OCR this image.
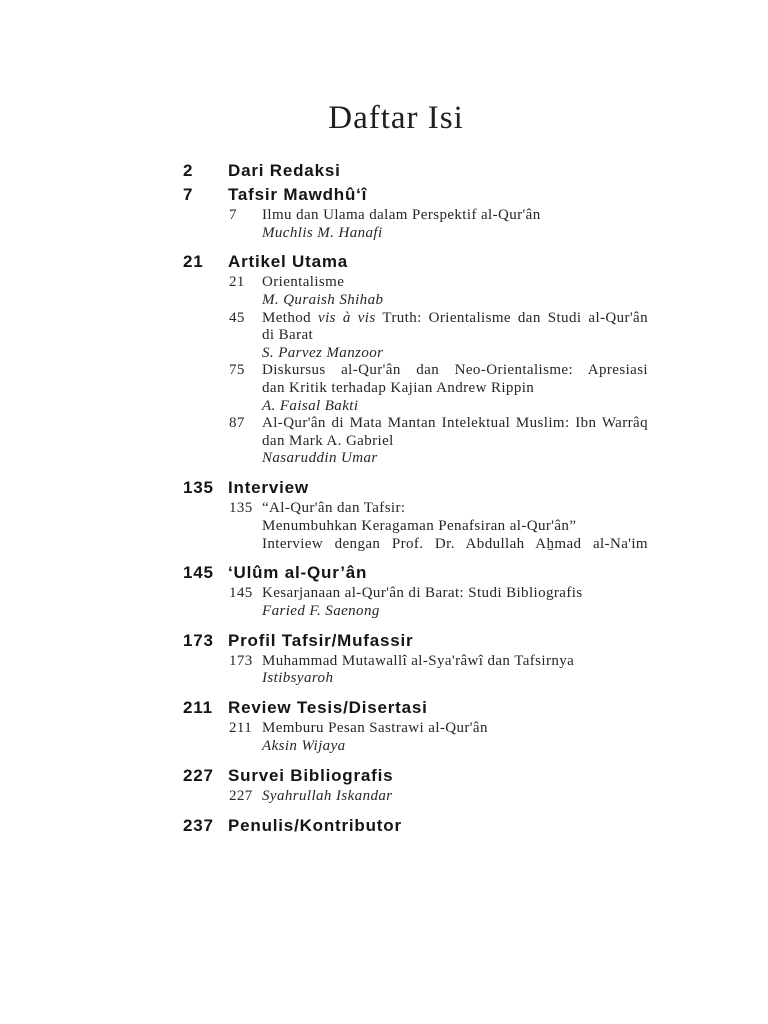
Daftar Isi
2	Dari Redaksi
7	Tafsir Mawdhû‘î
7	Ilmu dan Ulama dalam Perspektif al-Qur'ân
Muchlis M. Hanafi
21	Artikel Utama
21	Orientalisme
M. Quraish Shihab
45	Method vis à vis Truth: Orientalisme dan Studi al-Qur'ân
di Barat
S. Parvez Manzoor
75	Diskursus al-Qur'ân dan Neo-Orientalisme: Apresiasi
dan Kritik terhadap Kajian Andrew Rippin
A. Faisal Bakti
87	Al-Qur'ân di Mata Mantan Intelektual Muslim: Ibn Warrâq
dan Mark A. Gabriel
Nasaruddin Umar
135 Interview
135 “Al-Qur'ân dan Tafsir:
Menumbuhkan Keragaman Penafsiran al-Qur'ân”
Interview dengan Prof. Dr. Abdullah Aẖmad al-Na'im
145 ‘Ulûm al-Qur’ân
145 Kesarjanaan al-Qur'ân di Barat: Studi Bibliografis
Faried F. Saenong
173 Profil Tafsir/Mufassir
173 Muhammad Mutawallî al-Sya'râwî dan Tafsirnya
Istibsyaroh
211 Review Tesis/Disertasi
211 Memburu Pesan Sastrawi al-Qur'ân
Aksin Wijaya
227 Survei Bibliografis
227 Syahrullah Iskandar
237 Penulis/Kontributor
